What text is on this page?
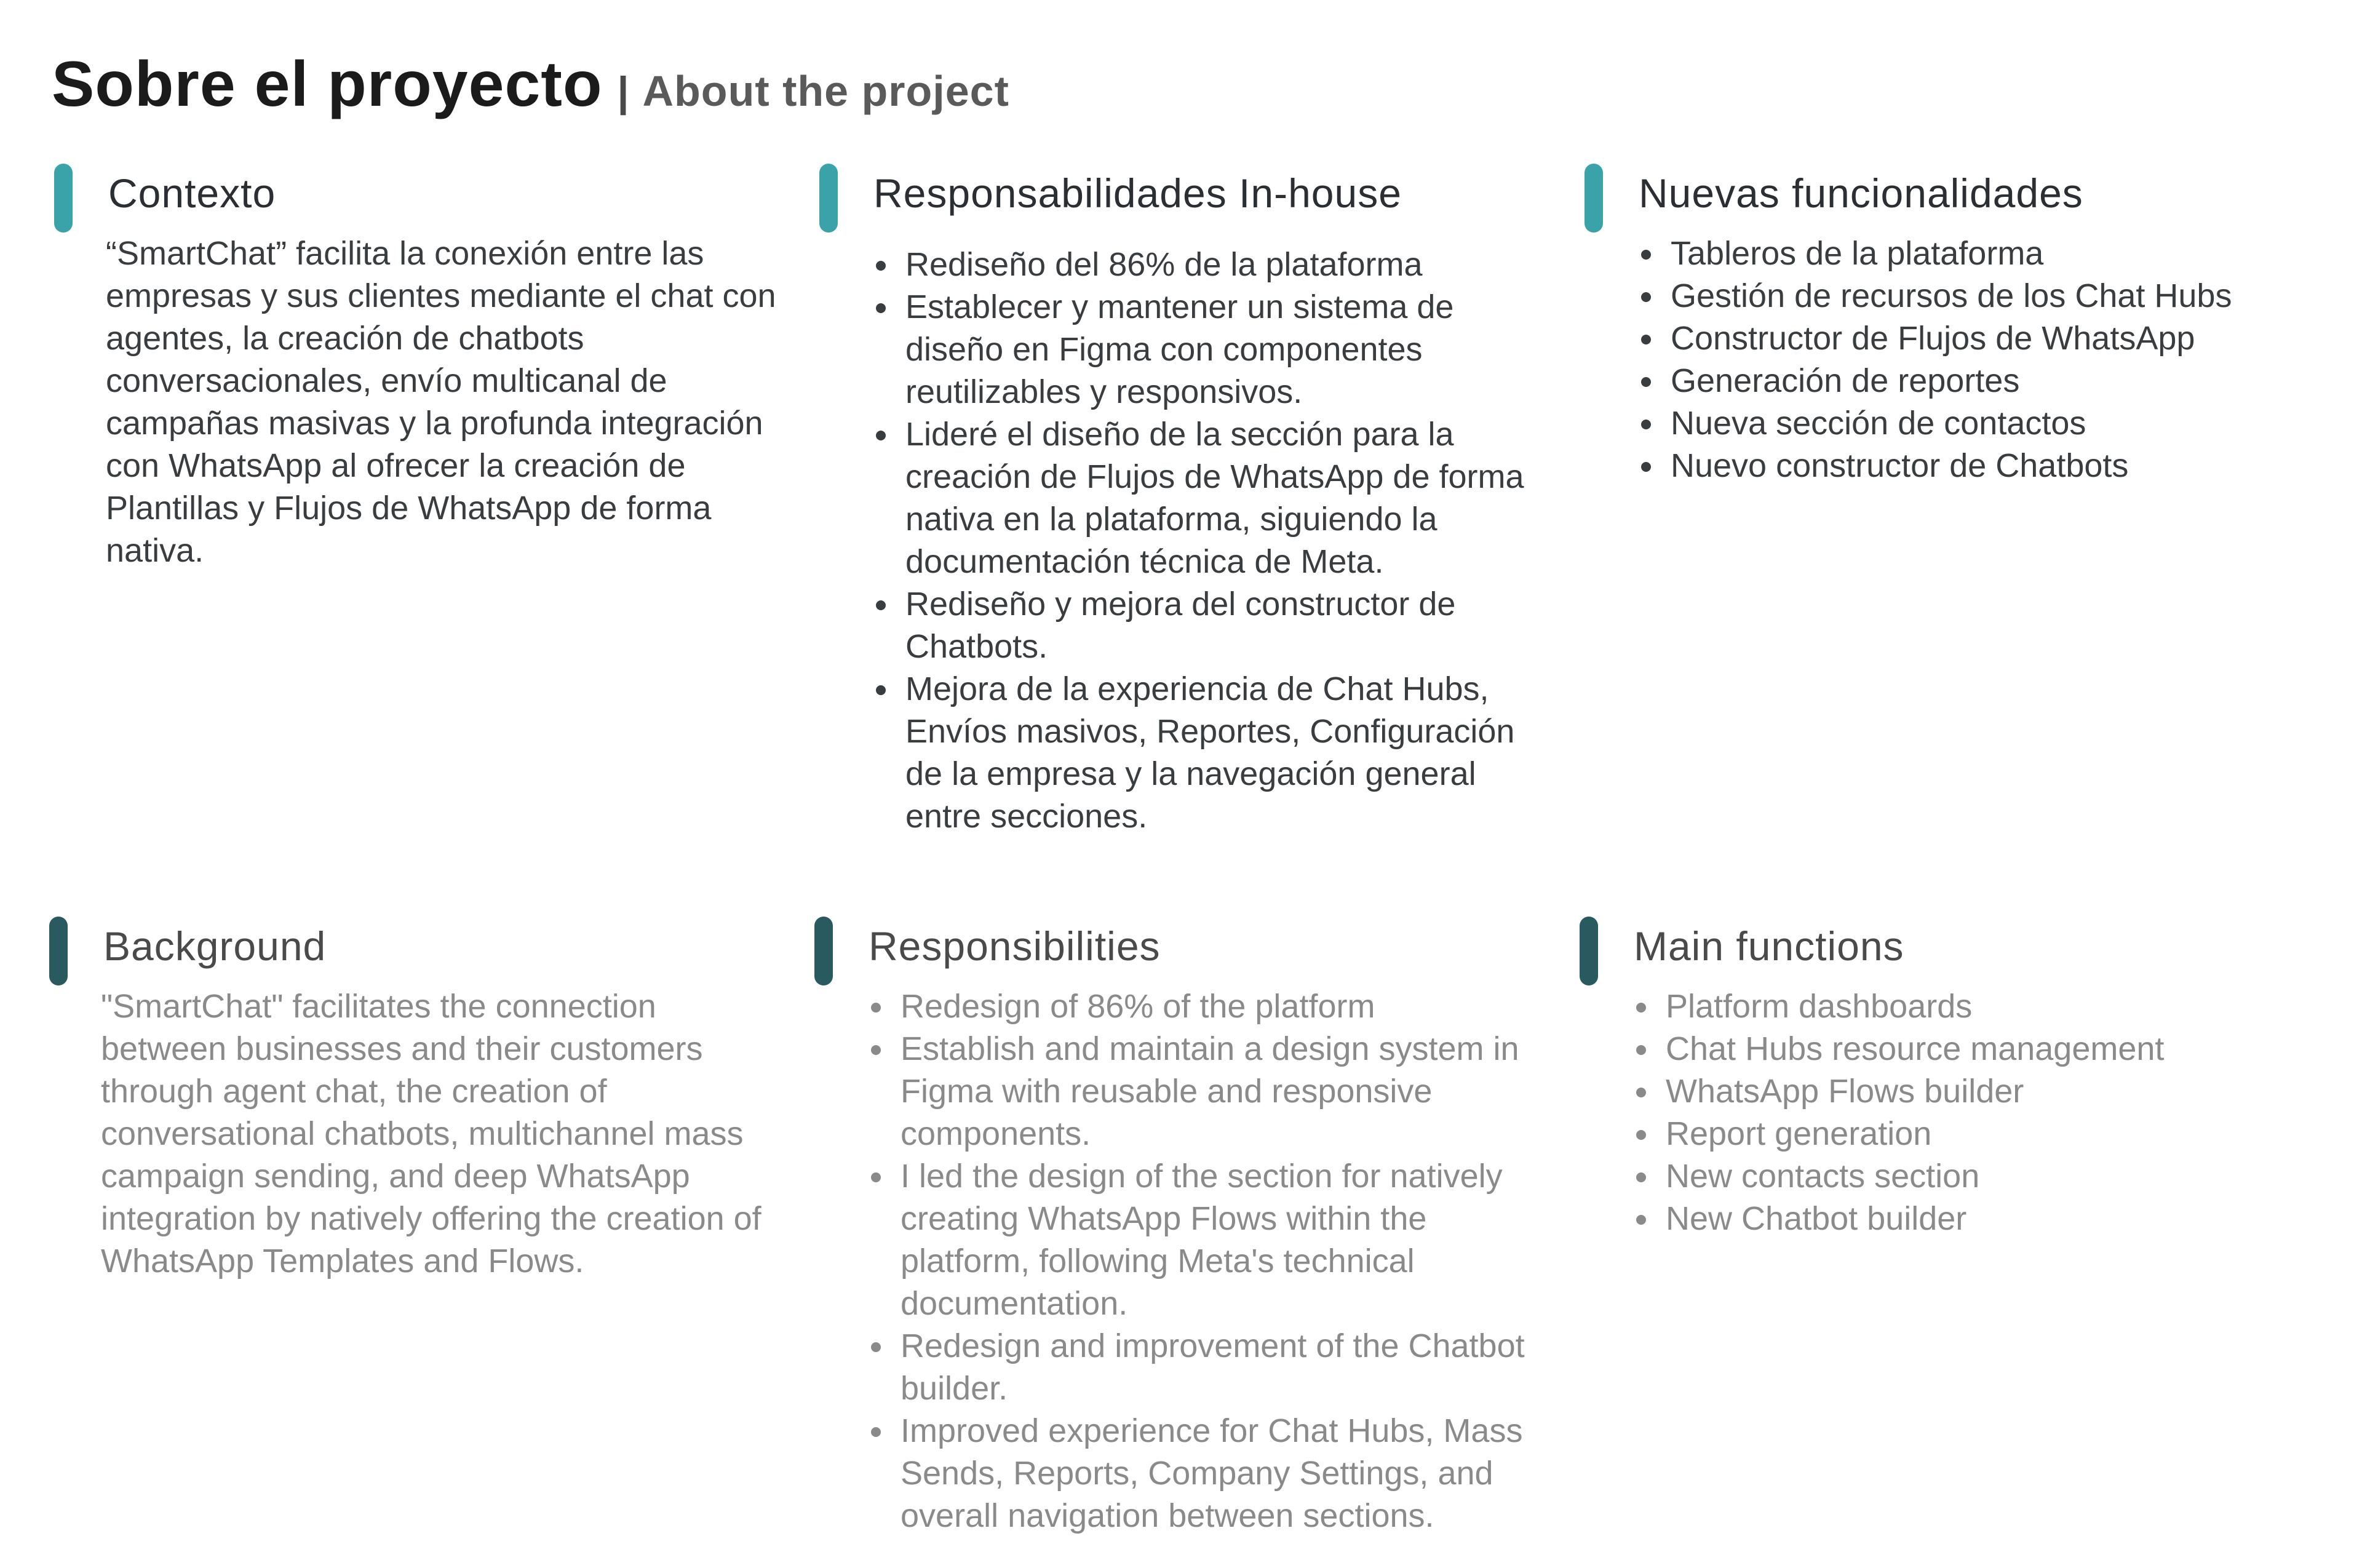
Sobre el proyecto | About the project
Contexto

“SmartChat” facilita la conexión entre las empresas y sus clientes mediante el chat con agentes, la creación de chatbots conversacionales, envío multicanal de campañas masivas y la profunda integración con WhatsApp al ofrecer la creación de Plantillas y Flujos de WhatsApp de forma nativa.

Responsabilidades In-house
Rediseño del 86% de la plataforma
Establecer y mantener un sistema de diseño en Figma con componentes reutilizables y responsivos.
Lideré el diseño de la sección para la creación de Flujos de WhatsApp de forma nativa en la plataforma, siguiendo la documentación técnica de Meta.
Rediseño y mejora del constructor de Chatbots.
Mejora de la experiencia de Chat Hubs, Envíos masivos, Reportes, Configuración de la empresa y la navegación general entre secciones.
Nuevas funcionalidades
Tableros de la plataforma
Gestión de recursos de los Chat Hubs
Constructor de Flujos de WhatsApp
Generación de reportes
Nueva sección de contactos
Nuevo constructor de Chatbots
Background

"SmartChat" facilitates the connection between businesses and their customers through agent chat, the creation of conversational chatbots, multichannel mass campaign sending, and deep WhatsApp integration by natively offering the creation of WhatsApp Templates and Flows.

Responsibilities
Redesign of 86% of the platform
Establish and maintain a design system in Figma with reusable and responsive components.
I led the design of the section for natively creating WhatsApp Flows within the platform, following Meta's technical documentation.
Redesign and improvement of the Chatbot builder.
Improved experience for Chat Hubs, Mass Sends, Reports, Company Settings, and overall navigation between sections.
Main functions
Platform dashboards
Chat Hubs resource management
WhatsApp Flows builder
Report generation
New contacts section
New Chatbot builder
